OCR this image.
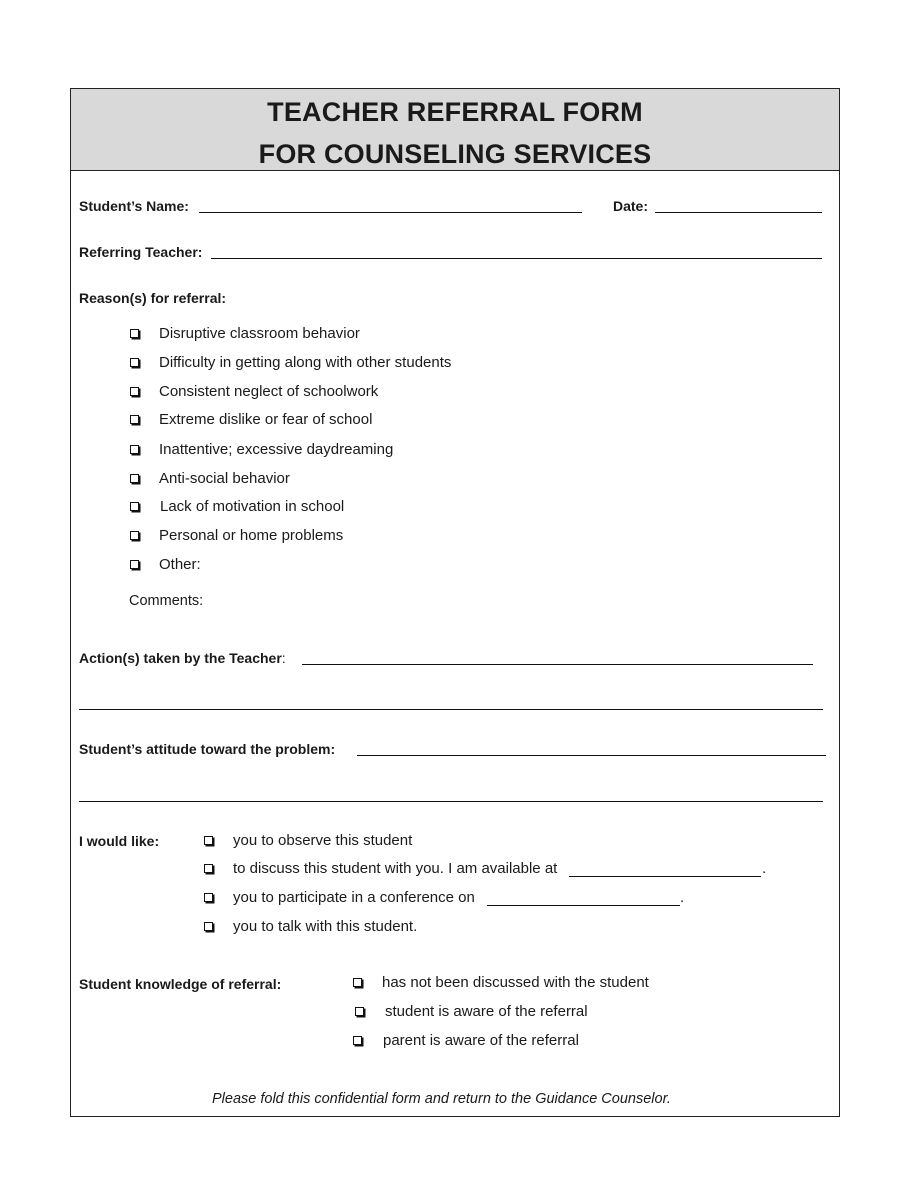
TEACHER REFERRAL FORM
FOR COUNSELING SERVICES
Student’s Name:	Date:
Referring Teacher:
Reason(s) for referral:
Disruptive classroom behavior
Difficulty in getting along with other students
Consistent neglect of schoolwork
Extreme dislike or fear of school
Inattentive; excessive daydreaming
Anti-social behavior
Lack of motivation in school
Personal or home problems
Other:
Comments:
Action(s) taken by the Teacher:
Student’s attitude toward the problem:
I would like:	you to observe this student
to discuss this student with you. I am available at	.
you to participate in a conference on	.
you to talk with this student.
Student knowledge of referral:	has not been discussed with the student
student is aware of the referral
parent is aware of the referral
Please fold this confidential form and return to the Guidance Counselor.
